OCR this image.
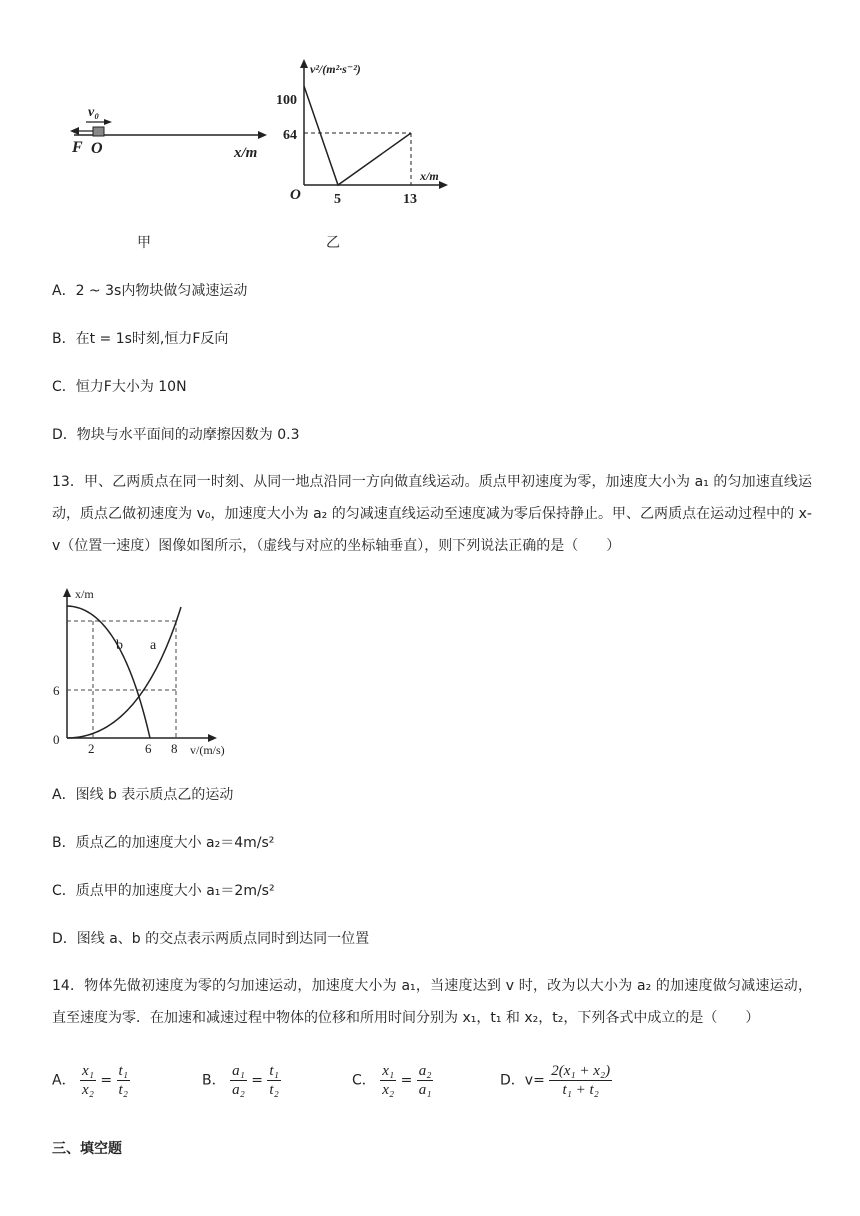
v₀
F O	x/m
甲
v²/(m²·s⁻²)
x/m
100
64
O 5	13
乙
A．2 ~ 3s内物块做匀减速运动
B．在t = 1s时刻,恒力F反向
C．恒力F大小为 10N
D．物块与水平面间的动摩擦因数为 0.3
13．甲、乙两质点在同一时刻、从同一地点沿同一方向做直线运动。质点甲初速度为零，加速度大小为 a₁ 的匀加速直线运动，质点乙做初速度为 v₀，加速度大小为 a₂ 的匀减速直线运动至速度减为零后保持静止。甲、乙两质点在运动过程中的 x-v（位置一速度）图像如图所示，（虚线与对应的坐标轴垂直），则下列说法正确的是（　　）
x/m
b a
6
0
2	6 8 v/(m/s)
A．图线 b 表示质点乙的运动
B．质点乙的加速度大小 a₂＝4m/s²
C．质点甲的加速度大小 a₁＝2m/s²
D．图线 a、b 的交点表示两质点同时到达同一位置
14．物体先做初速度为零的匀加速运动，加速度大小为 a₁，当速度达到 v 时，改为以大小为 a₂ 的加速度做匀减速运动，直至速度为零．在加速和减速过程中物体的位移和所用时间分别为 x₁，t₁ 和 x₂，t₂，下列各式中成立的是（　　）
A． $\frac{\text{x₁}}{\text{x₂}} = \frac{\text{t₁}}{\text{t₂}}$	B． $\frac{\text{a₁}}{\text{a₂}} = \frac{\text{t₁}}{\text{t₂}}$	C． $\frac{\text{x₁}}{\text{x₂}} = \frac{\text{a₂}}{\text{a₁}}$	D．$v= \frac{\text{2(x₁ + x₂)}}{\text{t₁ + t₂}}$
三、填空题
